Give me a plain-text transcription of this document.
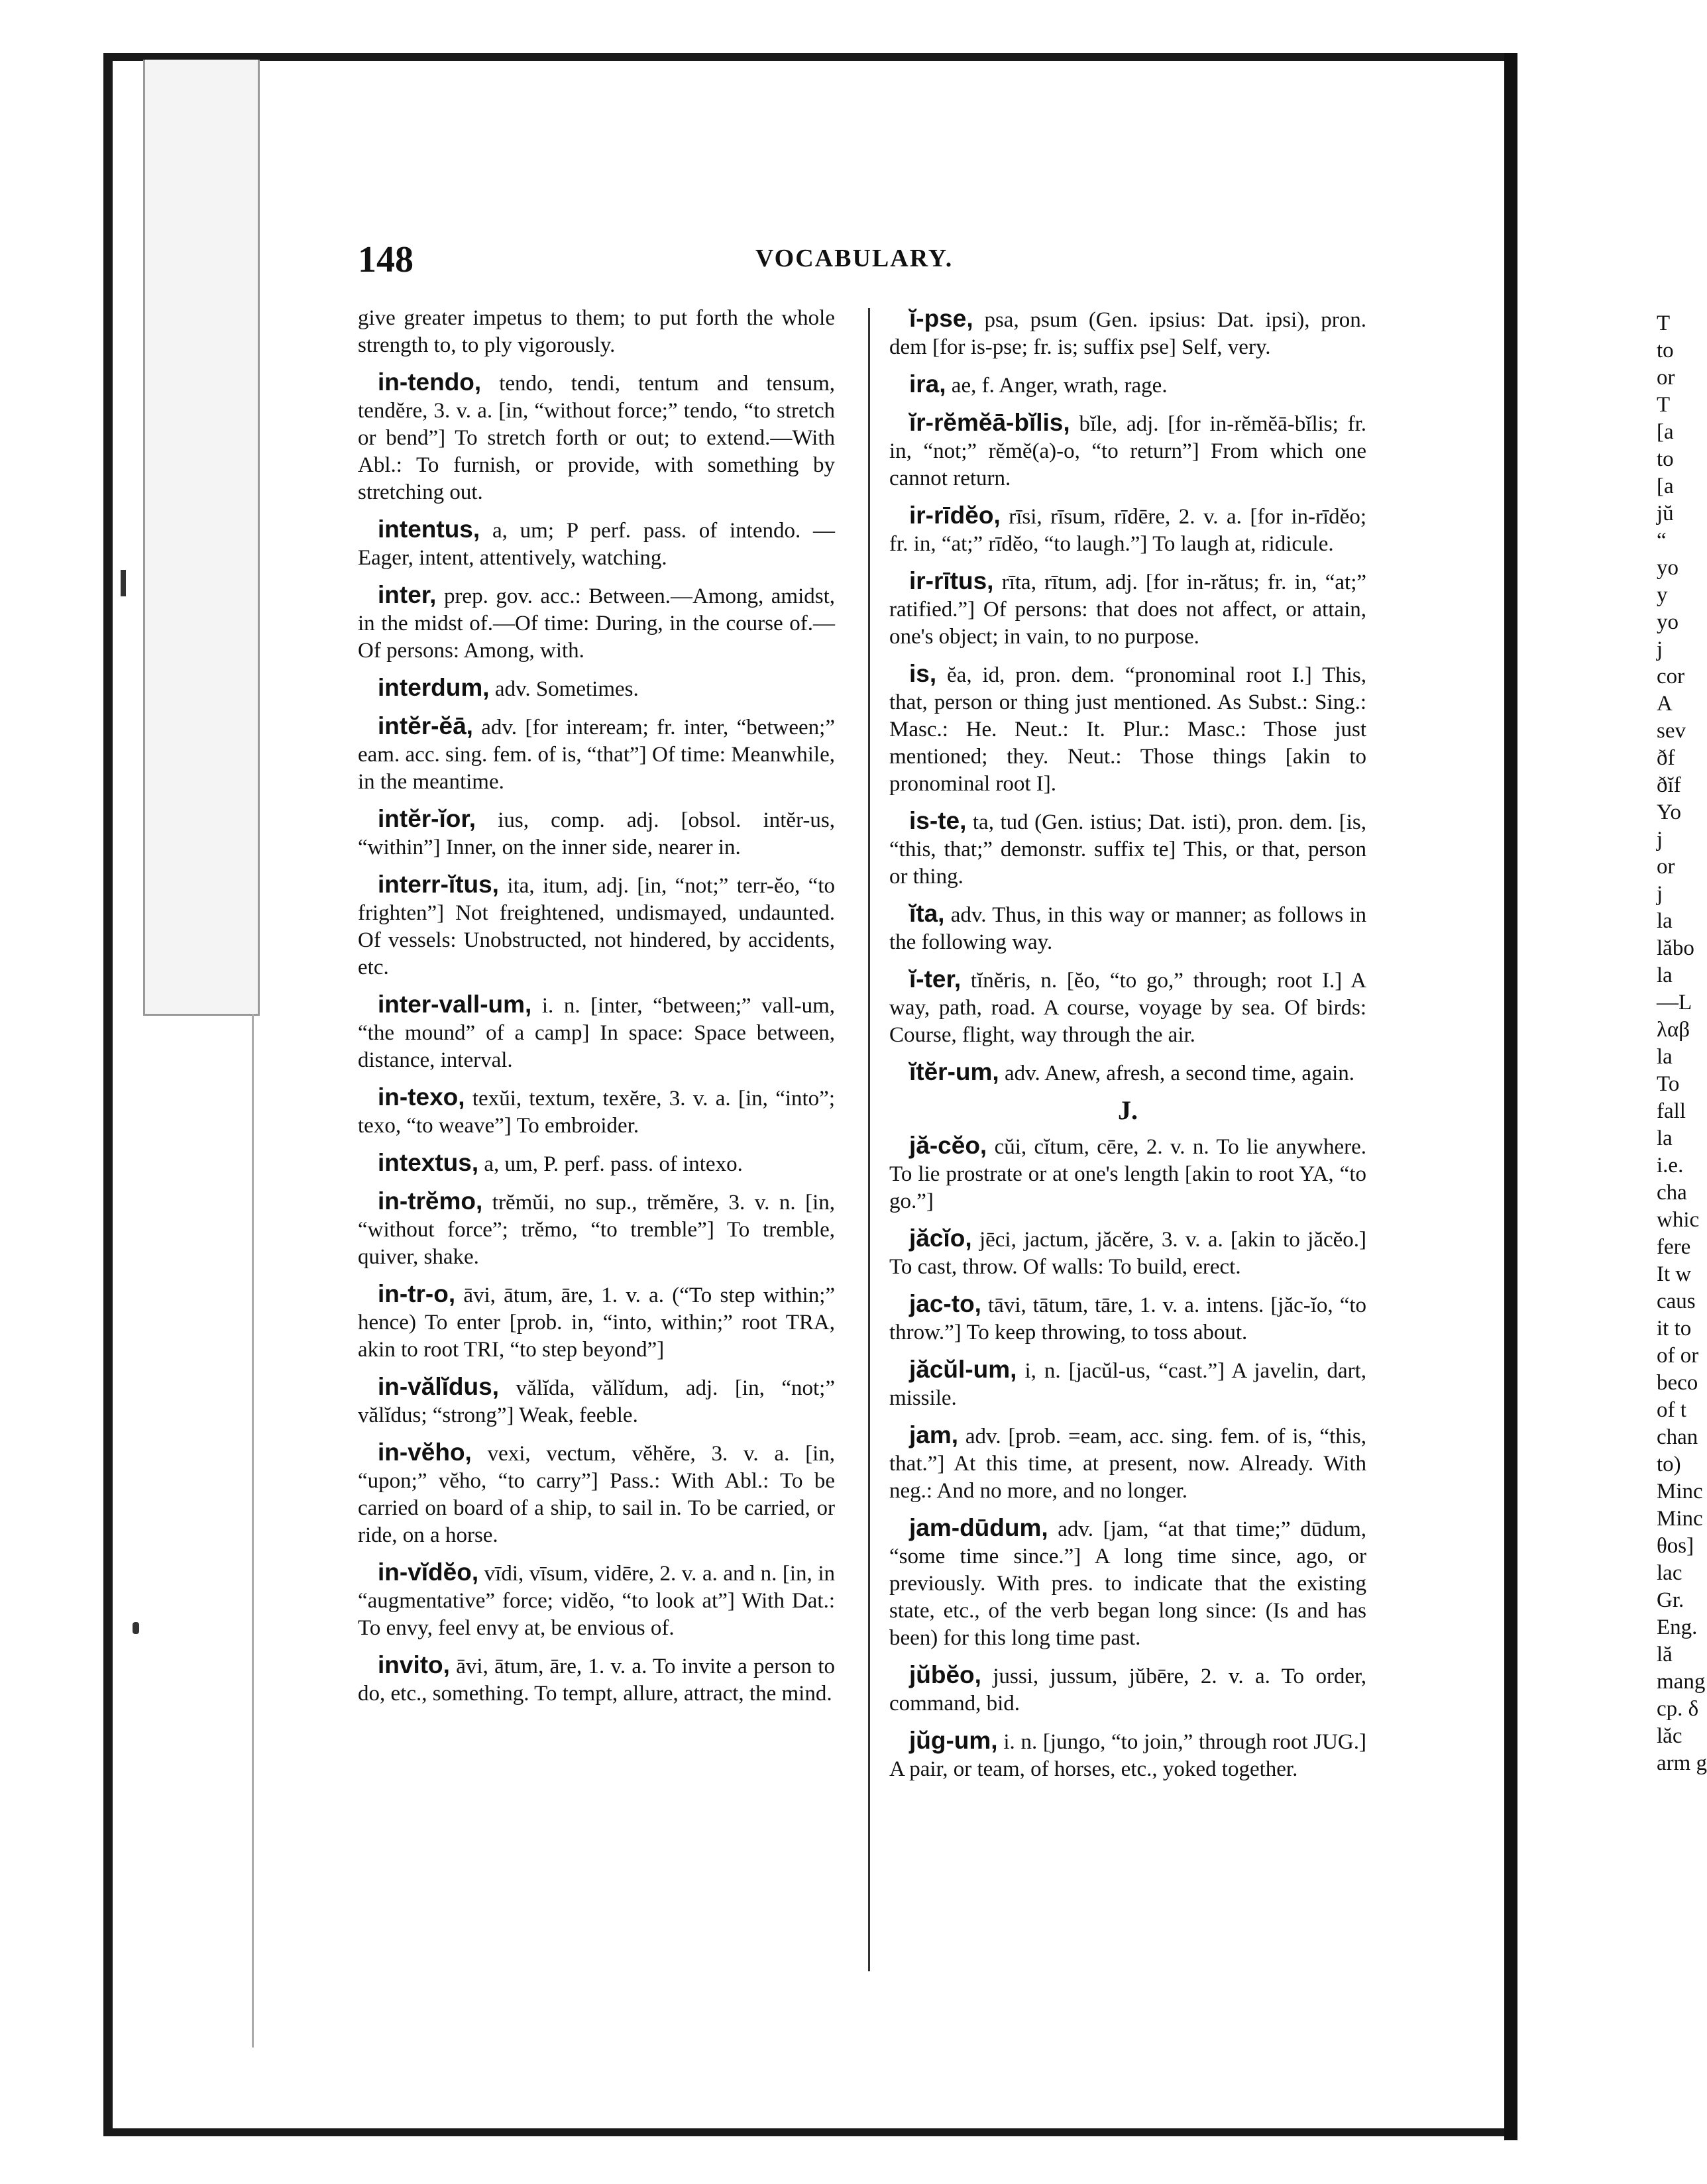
148	VOCABULARY.

give greater impetus to them; to put forth the whole strength to, to ply vigorously.

in-tendo, tendo, tendi, tentum and tensum, tendĕre, 3. v. a. [in, “without force;” tendo, “to stretch or bend”] To stretch forth or out; to extend.—With Abl.: To furnish, or provide, with something by stretching out.

intentus, a, um; P perf. pass. of intendo. — Eager, intent, attentively, watching.

inter, prep. gov. acc.: Between.—Among, amidst, in the midst of.—Of time: During, in the course of.—Of persons: Among, with.

interdum, adv. Sometimes.

intĕr-ĕā, adv. [for inteream; fr. inter, “between;” eam. acc. sing. fem. of is, “that”] Of time: Meanwhile, in the meantime.

intĕr-ĭor, ius, comp. adj. [obsol. intĕr-us, “within”] Inner, on the inner side, nearer in.

interr-ĭtus, ita, itum, adj. [in, “not;” terr-ĕo, “to frighten”] Not freightened, undismayed, undaunted. Of vessels: Unobstructed, not hindered, by accidents, etc.

inter-vall-um, i. n. [inter, “between;” vall-um, “the mound” of a camp] In space: Space between, distance, interval.

in-texo, texŭi, textum, texĕre, 3. v. a. [in, “into”; texo, “to weave”] To embroider.

intextus, a, um, P. perf. pass. of intexo.

in-trĕmo, trĕmŭi, no sup., trĕmĕre, 3. v. n. [in, “without force”; trĕmo, “to tremble”] To tremble, quiver, shake.

in-tr-o, āvi, ātum, āre, 1. v. a. (“To step within;” hence) To enter [prob. in, “into, within;” root TRA, akin to root TRI, “to step beyond”]

in-vălĭdus, vălĭda, vălĭdum, adj. [in, “not;” vălĭdus; “strong”] Weak, feeble.

in-vĕho, vexi, vectum, vĕhĕre, 3. v. a. [in, “upon;” vĕho, “to carry”] Pass.: With Abl.: To be carried on board of a ship, to sail in. To be carried, or ride, on a horse.

in-vĭdĕo, vīdi, vīsum, vidēre, 2. v. a. and n. [in, in “augmentative” force; vidĕo, “to look at”] With Dat.: To envy, feel envy at, be envious of.

invito, āvi, ātum, āre, 1. v. a. To invite a person to do, etc., something. To tempt, allure, attract, the mind.

ĭ-pse, psa, psum (Gen. ipsius: Dat. ipsi), pron. dem [for is-pse; fr. is; suffix pse] Self, very.

ira, ae, f. Anger, wrath, rage.

ĭr-rĕmĕā-bĭlis, bĭle, adj. [for in-rĕmĕā-bĭlis; fr. in, “not;” rĕmĕ(a)-o, “to return”] From which one cannot return.

ir-rīdĕo, rīsi, rīsum, rīdēre, 2. v. a. [for in-rīdĕo; fr. in, “at;” rīdĕo, “to laugh.”] To laugh at, ridicule.

ir-rītus, rīta, rītum, adj. [for in-rătus; fr. in, “at;” ratified.”] Of persons: that does not affect, or attain, one's object; in vain, to no purpose.

is, ĕa, id, pron. dem. “pronominal root I.] This, that, person or thing just mentioned. As Subst.: Sing.: Masc.: He. Neut.: It. Plur.: Masc.: Those just mentioned; they. Neut.: Those things [akin to pronominal root I].

is-te, ta, tud (Gen. istius; Dat. isti), pron. dem. [is, “this, that;” demonstr. suffix te] This, or that, person or thing.

ĭta, adv. Thus, in this way or manner; as follows in the following way.

ĭ-ter, tĭnĕris, n. [ĕo, “to go,” through; root I.] A way, path, road. A course, voyage by sea. Of birds: Course, flight, way through the air.

ĭtĕr-um, adv. Anew, afresh, a second time, again.

J.

jă-cĕo, cŭi, cĭtum, cēre, 2. v. n. To lie anywhere. To lie prostrate or at one's length [akin to root YA, “to go.”]

jăcĭo, jēci, jactum, jăcĕre, 3. v. a. [akin to jăcĕo.] To cast, throw. Of walls: To build, erect.

jac-to, tāvi, tātum, tāre, 1. v. a. intens. [jăc-ĭo, “to throw.”] To keep throwing, to toss about.

jăcŭl-um, i, n. [jacŭl-us, “cast.”] A javelin, dart, missile.

jam, adv. [prob. =eam, acc. sing. fem. of is, “this, that.”] At this time, at present, now. Already. With neg.: And no more, and no longer.

jam-dūdum, adv. [jam, “at that time;” dūdum, “some time since.”] A long time since, ago, or previously. With pres. to indicate that the existing state, etc., of the verb began long since: (Is and has been) for this long time past.

jŭbĕo, jussi, jussum, jŭbēre, 2. v. a. To order, command, bid.

jŭg-um, i. n. [jungo, “to join,” through root JUG.] A pair, or team, of horses, etc., yoked together.

T
to
or
T
[a
to
[a
jŭ
“
yo
y
yo
j
cor
A
sev
ðf
ðĭf
Yo
j
or
j
la
lăbo
la
—L
λαβ
la
To
fall
la
i.e.
cha
whic
fere
It w
caus
it to
of or
beco
of t
chan
to)
Minc
Minc
θos]
lac
Gr.
Eng.
lă
mang
cp. δ
lăc
arm g
